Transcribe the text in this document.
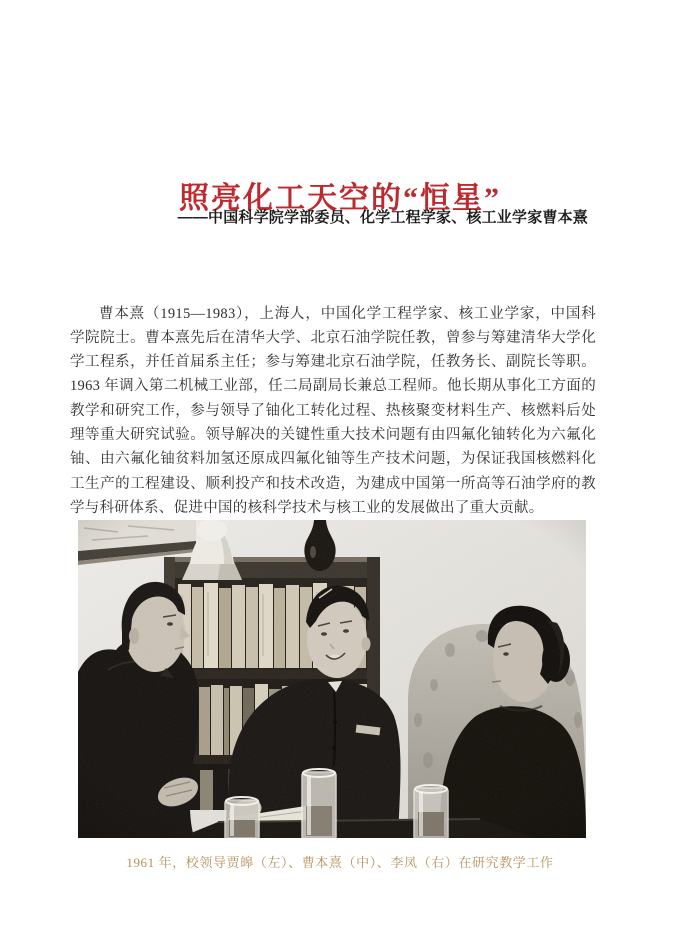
照亮化工天空的“恒星”
——中国科学院学部委员、化学工程学家、核工业学家曹本熹

曹本熹（1915—1983），上海人，中国化学工程学家、核工业学家，中国科学院院士。曹本熹先后在清华大学、北京石油学院任教，曾参与筹建清华大学化学工程系，并任首届系主任；参与筹建北京石油学院，任教务长、副院长等职。1963 年调入第二机械工业部，任二局副局长兼总工程师。他长期从事化工方面的教学和研究工作，参与领导了铀化工转化过程、热核聚变材料生产、核燃料后处理等重大研究试验。领导解决的关键性重大技术问题有由四氟化铀转化为六氟化铀、由六氟化铀贫料加氢还原成四氟化铀等生产技术问题，为保证我国核燃料化工生产的工程建设、顺利投产和技术改造，为建成中国第一所高等石油学府的教学与科研体系、促进中国的核科学技术与核工业的发展做出了重大贡献。

1961 年，校领导贾皞（左）、曹本熹（中）、李凤（右）在研究教学工作
